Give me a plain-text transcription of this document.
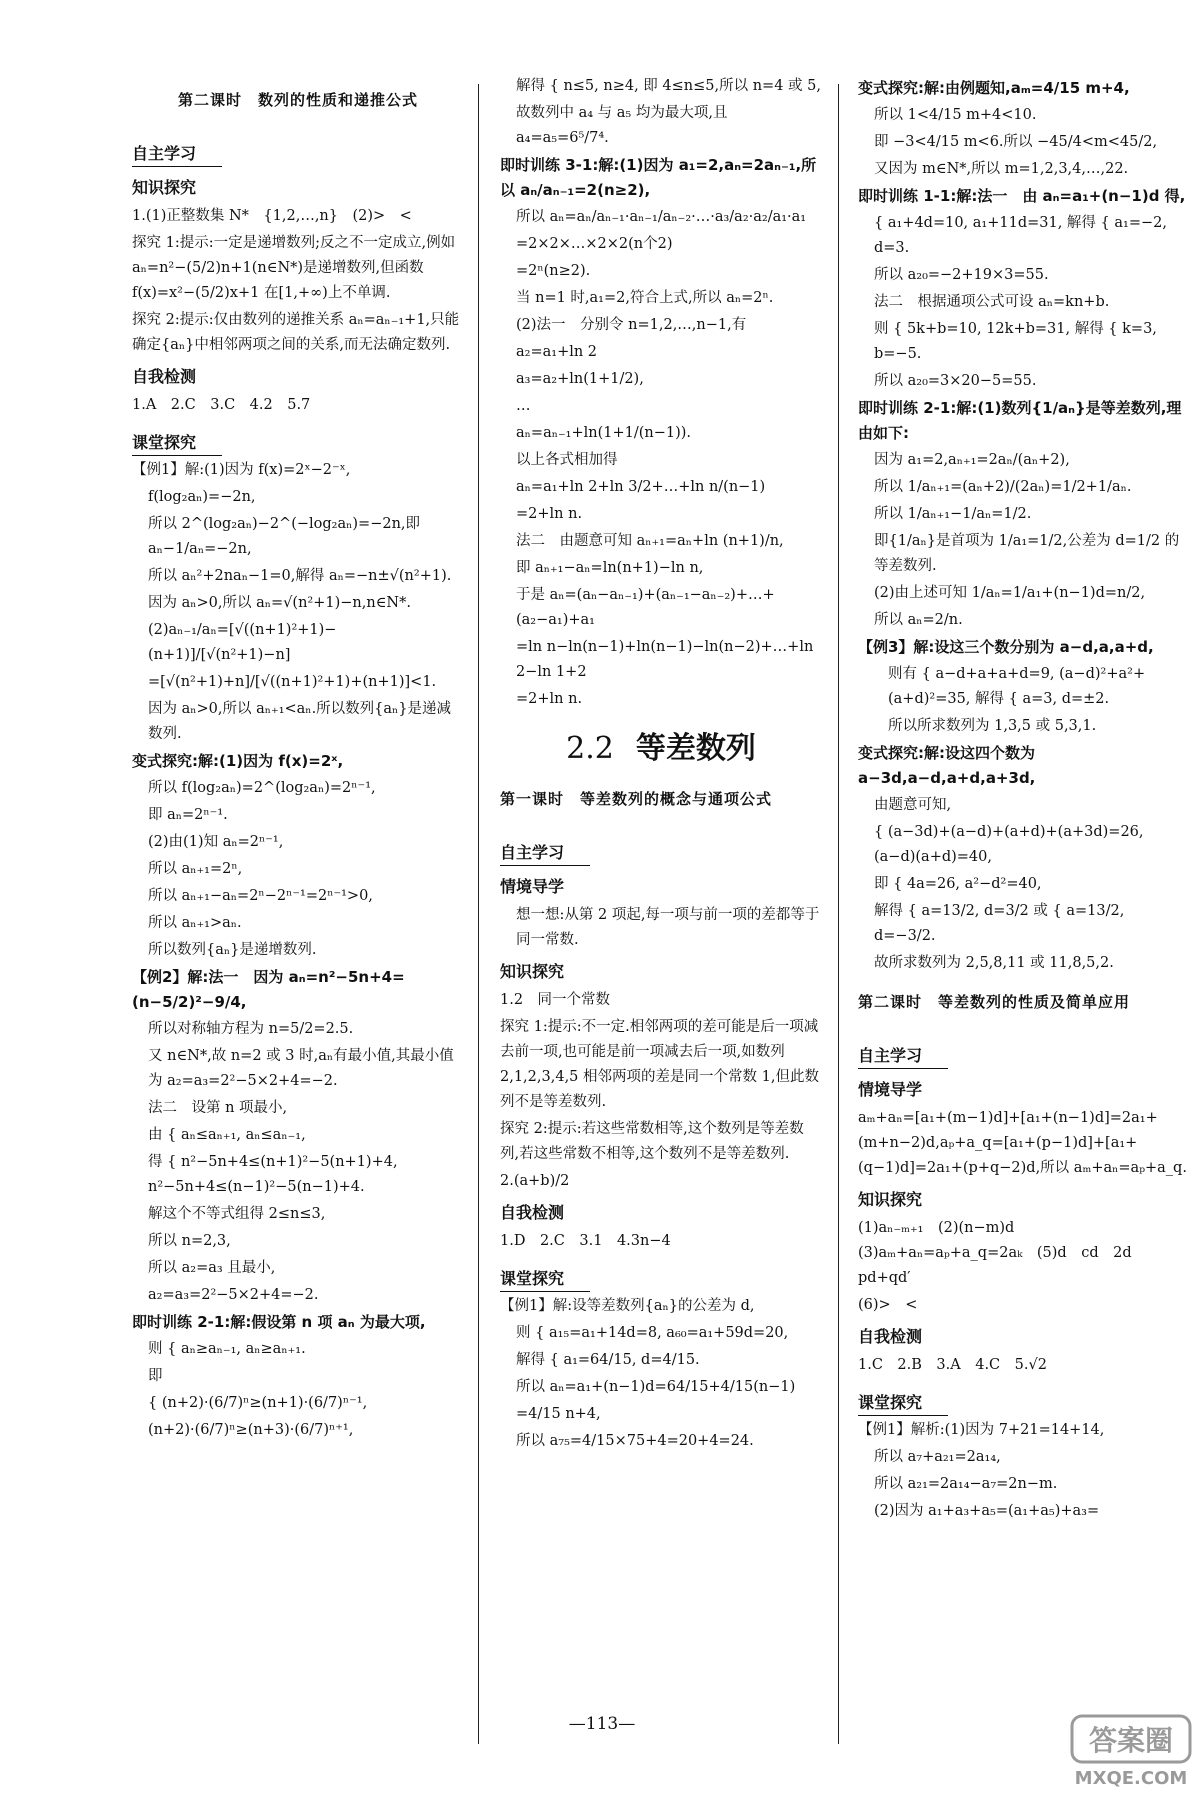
第二课时　数列的性质和递推公式
自主学习
知识探究

1.(1)正整数集 N*　{1,2,…,n}　(2)>　<

探究 1:提示:一定是递增数列;反之不一定成立,例如 aₙ=n²−(5/2)n+1(n∈N*)是递增数列,但函数 f(x)=x²−(5/2)x+1 在[1,+∞)上不单调.

探究 2:提示:仅由数列的递推关系 aₙ=aₙ₋₁+1,只能确定{aₙ}中相邻两项之间的关系,而无法确定数列.

自我检测

1.A　2.C　3.C　4.2　5.7

课堂探究

【例1】解:(1)因为 f(x)=2ˣ−2⁻ˣ,

f(log₂aₙ)=−2n,

所以 2^(log₂aₙ)−2^(−log₂aₙ)=−2n,即 aₙ−1/aₙ=−2n,

所以 aₙ²+2naₙ−1=0,解得 aₙ=−n±√(n²+1).

因为 aₙ>0,所以 aₙ=√(n²+1)−n,n∈N*.

(2)aₙ₋₁/aₙ=[√((n+1)²+1)−(n+1)]/[√(n²+1)−n]

=[√(n²+1)+n]/[√((n+1)²+1)+(n+1)]<1.

因为 aₙ>0,所以 aₙ₊₁<aₙ.所以数列{aₙ}是递减数列.

变式探究:解:(1)因为 f(x)=2ˣ,

所以 f(log₂aₙ)=2^(log₂aₙ)=2ⁿ⁻¹,

即 aₙ=2ⁿ⁻¹.

(2)由(1)知 aₙ=2ⁿ⁻¹,

所以 aₙ₊₁=2ⁿ,

所以 aₙ₊₁−aₙ=2ⁿ−2ⁿ⁻¹=2ⁿ⁻¹>0,

所以 aₙ₊₁>aₙ.

所以数列{aₙ}是递增数列.

【例2】解:法一　因为 aₙ=n²−5n+4=(n−5/2)²−9/4,

所以对称轴方程为 n=5/2=2.5.

又 n∈N*,故 n=2 或 3 时,aₙ有最小值,其最小值为 a₂=a₃=2²−5×2+4=−2.

法二　设第 n 项最小,

由 { aₙ≤aₙ₊₁, aₙ≤aₙ₋₁,

得 { n²−5n+4≤(n+1)²−5(n+1)+4, n²−5n+4≤(n−1)²−5(n−1)+4.

解这个不等式组得 2≤n≤3,

所以 n=2,3,

所以 a₂=a₃ 且最小,

a₂=a₃=2²−5×2+4=−2.

即时训练 2-1:解:假设第 n 项 aₙ 为最大项,

则 { aₙ≥aₙ₋₁, aₙ≥aₙ₊₁.

即

{ (n+2)·(6/7)ⁿ≥(n+1)·(6/7)ⁿ⁻¹,

(n+2)·(6/7)ⁿ≥(n+3)·(6/7)ⁿ⁺¹,

解得 { n≤5, n≥4, 即 4≤n≤5,所以 n=4 或 5,

故数列中 a₄ 与 a₅ 均为最大项,且 a₄=a₅=6⁵/7⁴.

即时训练 3-1:解:(1)因为 a₁=2,aₙ=2aₙ₋₁,所以 aₙ/aₙ₋₁=2(n≥2),

所以 aₙ=aₙ/aₙ₋₁·aₙ₋₁/aₙ₋₂·…·a₃/a₂·a₂/a₁·a₁

=2×2×…×2×2(n个2)

=2ⁿ(n≥2).

当 n=1 时,a₁=2,符合上式,所以 aₙ=2ⁿ.

(2)法一　分别令 n=1,2,…,n−1,有

a₂=a₁+ln 2

a₃=a₂+ln(1+1/2),

…

aₙ=aₙ₋₁+ln(1+1/(n−1)).

以上各式相加得

aₙ=a₁+ln 2+ln 3/2+…+ln n/(n−1)

=2+ln n.

法二　由题意可知 aₙ₊₁=aₙ+ln (n+1)/n,

即 aₙ₊₁−aₙ=ln(n+1)−ln n,

于是 aₙ=(aₙ−aₙ₋₁)+(aₙ₋₁−aₙ₋₂)+…+(a₂−a₁)+a₁

=ln n−ln(n−1)+ln(n−1)−ln(n−2)+…+ln 2−ln 1+2

=2+ln n.

2.2 等差数列
第一课时　等差数列的概念与通项公式
自主学习
情境导学

想一想:从第 2 项起,每一项与前一项的差都等于同一常数.

知识探究

1.2　同一个常数

探究 1:提示:不一定.相邻两项的差可能是后一项减去前一项,也可能是前一项减去后一项,如数列 2,1,2,3,4,5 相邻两项的差是同一个常数 1,但此数列不是等差数列.

探究 2:提示:若这些常数相等,这个数列是等差数列,若这些常数不相等,这个数列不是等差数列.

2.(a+b)/2

自我检测

1.D　2.C　3.1　4.3n−4

课堂探究

【例1】解:设等差数列{aₙ}的公差为 d,

则 { a₁₅=a₁+14d=8, a₆₀=a₁+59d=20,

解得 { a₁=64/15, d=4/15.

所以 aₙ=a₁+(n−1)d=64/15+4/15(n−1)

=4/15 n+4,

所以 a₇₅=4/15×75+4=20+4=24.

变式探究:解:由例题知,aₘ=4/15 m+4,

所以 1<4/15 m+4<10.

即 −3<4/15 m<6.所以 −45/4<m<45/2,

又因为 m∈N*,所以 m=1,2,3,4,…,22.

即时训练 1-1:解:法一　由 aₙ=a₁+(n−1)d 得,

{ a₁+4d=10, a₁+11d=31, 解得 { a₁=−2, d=3.

所以 a₂₀=−2+19×3=55.

法二　根据通项公式可设 aₙ=kn+b.

则 { 5k+b=10, 12k+b=31, 解得 { k=3, b=−5.

所以 a₂₀=3×20−5=55.

即时训练 2-1:解:(1)数列{1/aₙ}是等差数列,理由如下:

因为 a₁=2,aₙ₊₁=2aₙ/(aₙ+2),

所以 1/aₙ₊₁=(aₙ+2)/(2aₙ)=1/2+1/aₙ.

所以 1/aₙ₊₁−1/aₙ=1/2.

即{1/aₙ}是首项为 1/a₁=1/2,公差为 d=1/2 的等差数列.

(2)由上述可知 1/aₙ=1/a₁+(n−1)d=n/2,

所以 aₙ=2/n.

【例3】解:设这三个数分别为 a−d,a,a+d,

则有 { a−d+a+a+d=9, (a−d)²+a²+(a+d)²=35, 解得 { a=3, d=±2.

所以所求数列为 1,3,5 或 5,3,1.

变式探究:解:设这四个数为 a−3d,a−d,a+d,a+3d,

由题意可知,

{ (a−3d)+(a−d)+(a+d)+(a+3d)=26, (a−d)(a+d)=40,

即 { 4a=26, a²−d²=40,

解得 { a=13/2, d=3/2 或 { a=13/2, d=−3/2.

故所求数列为 2,5,8,11 或 11,8,5,2.

第二课时　等差数列的性质及简单应用
自主学习
情境导学

aₘ+aₙ=[a₁+(m−1)d]+[a₁+(n−1)d]=2a₁+(m+n−2)d,aₚ+a_q=[a₁+(p−1)d]+[a₁+(q−1)d]=2a₁+(p+q−2)d,所以 aₘ+aₙ=aₚ+a_q.

知识探究

(1)aₙ₋ₘ₊₁　(2)(n−m)d　(3)aₘ+aₙ=aₚ+a_q=2aₖ　(5)d　cd　2d　pd+qd′

(6)>　<

自我检测

1.C　2.B　3.A　4.C　5.√2

课堂探究

【例1】解析:(1)因为 7+21=14+14,

所以 a₇+a₂₁=2a₁₄,

所以 a₂₁=2a₁₄−a₇=2n−m.

(2)因为 a₁+a₃+a₅=(a₁+a₅)+a₃=

—113—	答案圈
MXQE.COM
